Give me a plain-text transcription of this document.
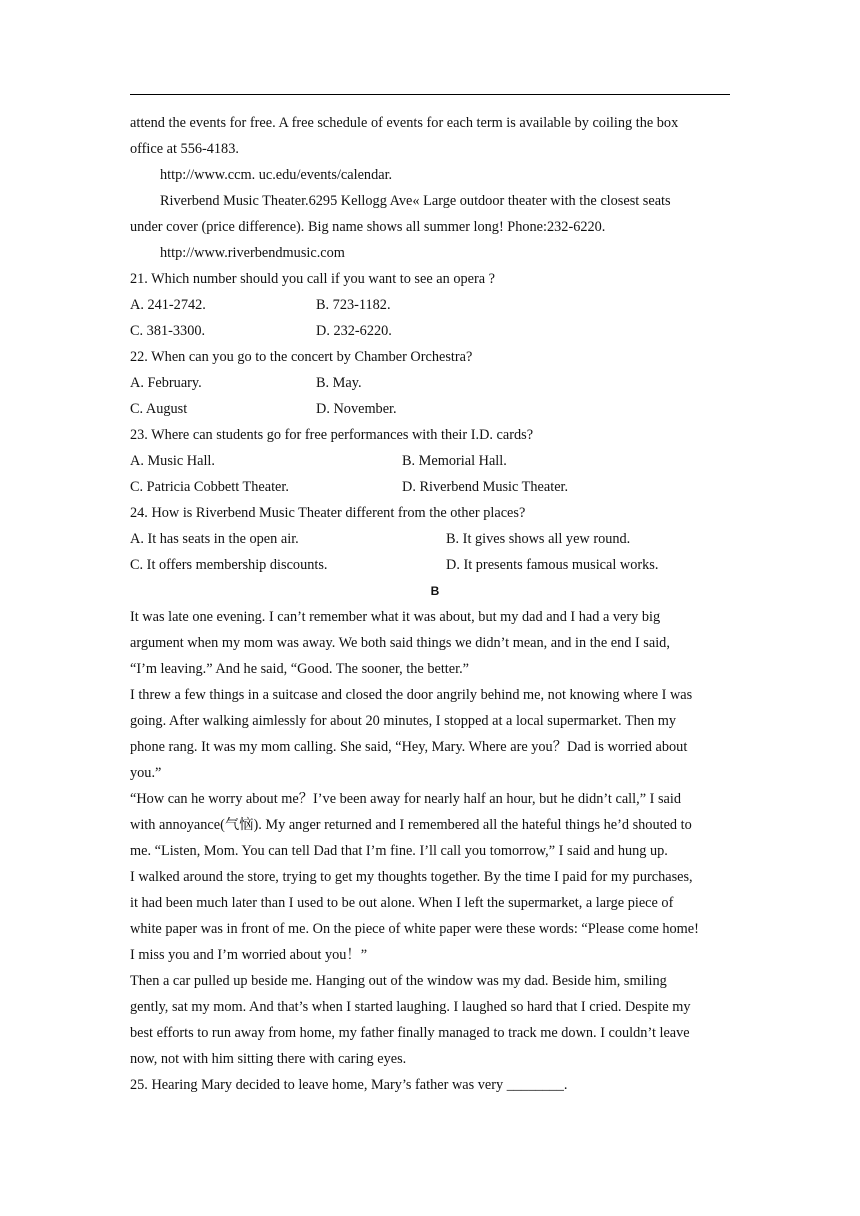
attend the events for free. A free schedule of events for each term is available by coiling the box
office at 556-4183.
http://www.ccm. uc.edu/events/calendar.
Riverbend Music Theater.6295 Kellogg Ave« Large outdoor theater with the closest seats
under cover (price difference). Big name shows all summer long! Phone:232-6220.
http://www.riverbendmusic.com
21. Which number should you call if you want to see an opera ?
A. 241-2742.	B. 723-1182.
C. 381-3300.	D. 232-6220.
22. When can you go to the concert by Chamber Orchestra?
A. February.	B. May.
C. August	D. November.
23. Where can students go for free performances with their I.D. cards?
A. Music Hall.	B. Memorial Hall.
C. Patricia Cobbett Theater.	D. Riverbend Music Theater.
24. How is Riverbend Music Theater different from the other places?
A. It has seats in the open air.	B. It gives shows all yew round.
C. It offers membership discounts.	D. It presents famous musical works.
B
It was late one evening. I can’t remember what it was about, but my dad and I had a very big
argument when my mom was away. We both said things we didn’t mean, and in the end I said,
“I’m leaving.” And he said, “Good. The sooner, the better.”
I threw a few things in a suitcase and closed the door angrily behind me, not knowing where I was
going. After walking aimlessly for about 20 minutes, I stopped at a local supermarket. Then my
phone rang. It was my mom calling. She said, “Hey, Mary. Where are you？Dad is worried about
you.”
“How can he worry about me？I’ve been away for nearly half an hour, but he didn’t call,” I said
with annoyance(气恼). My anger returned and I remembered all the hateful things he’d shouted to
me. “Listen, Mom. You can tell Dad that I’m fine. I’ll call you tomorrow,” I said and hung up.
I walked around the store, trying to get my thoughts together. By the time I paid for my purchases,
it had been much later than I used to be out alone. When I left the supermarket, a large piece of
white paper was in front of me. On the piece of white paper were these words: “Please come home!
I miss you and I’m worried about you！”
Then a car pulled up beside me. Hanging out of the window was my dad. Beside him, smiling
gently, sat my mom. And that’s when I started laughing. I laughed so hard that I cried. Despite my
best efforts to run away from home, my father finally managed to track me down. I couldn’t leave
now, not with him sitting there with caring eyes.
25. Hearing Mary decided to leave home, Mary’s father was very ________.
